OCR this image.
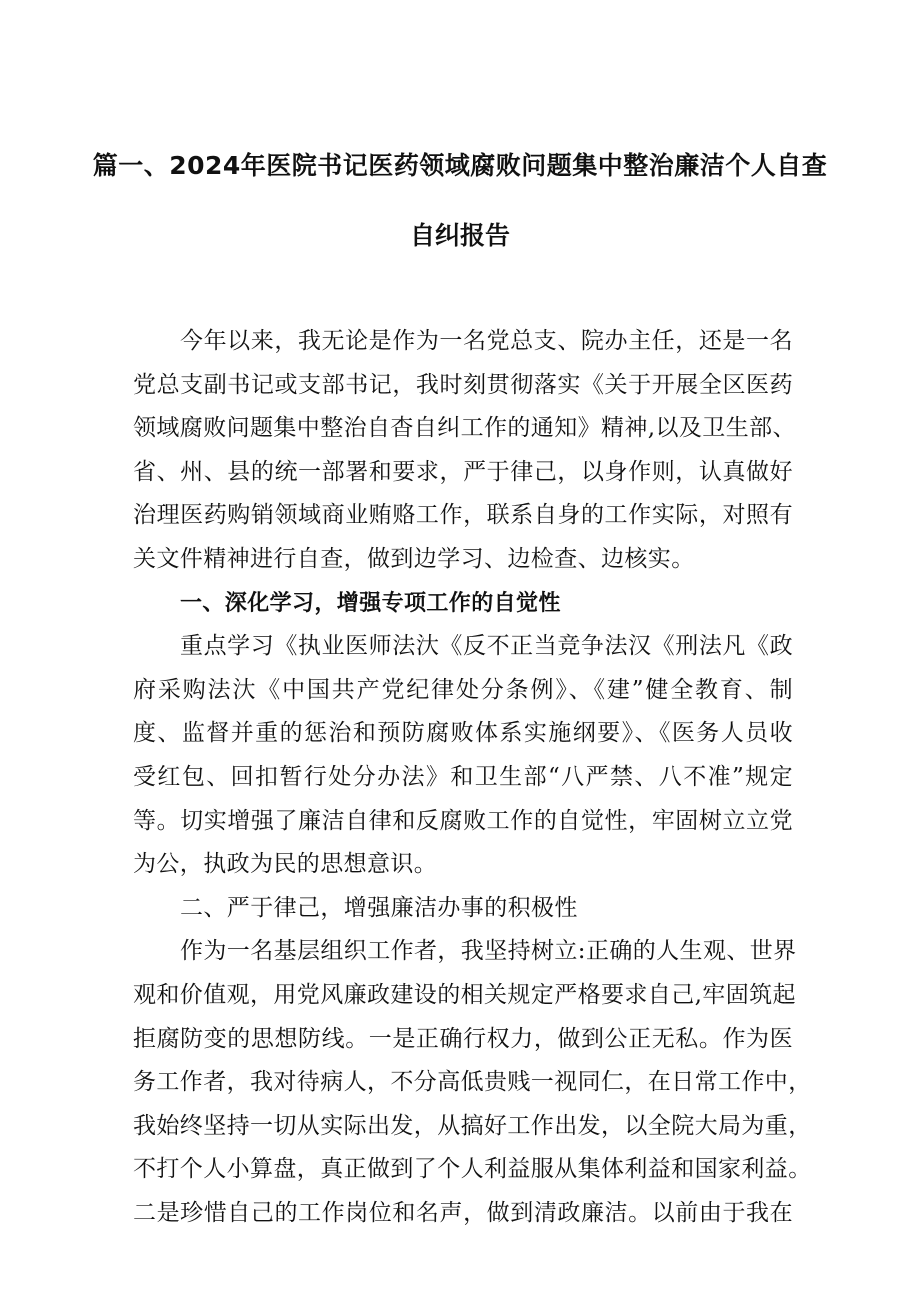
篇一、2024年医院书记医药领域腐败问题集中整治廉洁个人自查
自纠报告
今年以来，我无论是作为一名党总支、院办主任，还是一名
党总支副书记或支部书记，我时刻贯彻落实《关于开展全区医药
领域腐败问题集中整治自杳自纠工作的通知》精神,以及卫生部、
省、州、县的统一部署和要求，严于律己，以身作则，认真做好
治理医药购销领域商业贿赂工作，联系自身的工作实际，对照有
关文件精神进行自查，做到边学习、边检查、边核实。
一、深化学习，增强专项工作的自觉性
重点学习《执业医师法汏《反不正当竞争法汉《刑法凡《政
府采购法汏《中国共产党纪律处分条例》、《建”健全教育、制
度、监督并重的惩治和预防腐败体系实施纲要》、《医务人员收
受红包、回扣暂行处分办法》和卫生部“八严禁、八不准”规定
等。切实增强了廉洁自律和反腐败工作的自觉性，牢固树立立党
为公，执政为民的思想意识。
二、严于律己，增强廉洁办事的积极性
作为一名基层组织工作者，我坚持树立:正确的人生观、世界
观和价值观，用党风廉政建设的相关规定严格要求自己,牢固筑起
拒腐防变的思想防线。一是正确行权力，做到公正无私。作为医
务工作者，我对待病人，不分高低贵贱一视同仁，在日常工作中，
我始终坚持一切从实际出发，从搞好工作出发，以全院大局为重，
不打个人小算盘，真正做到了个人利益服从集体利益和国家利益。
二是珍惜自己的工作岗位和名声，做到清政廉洁。以前由于我在
